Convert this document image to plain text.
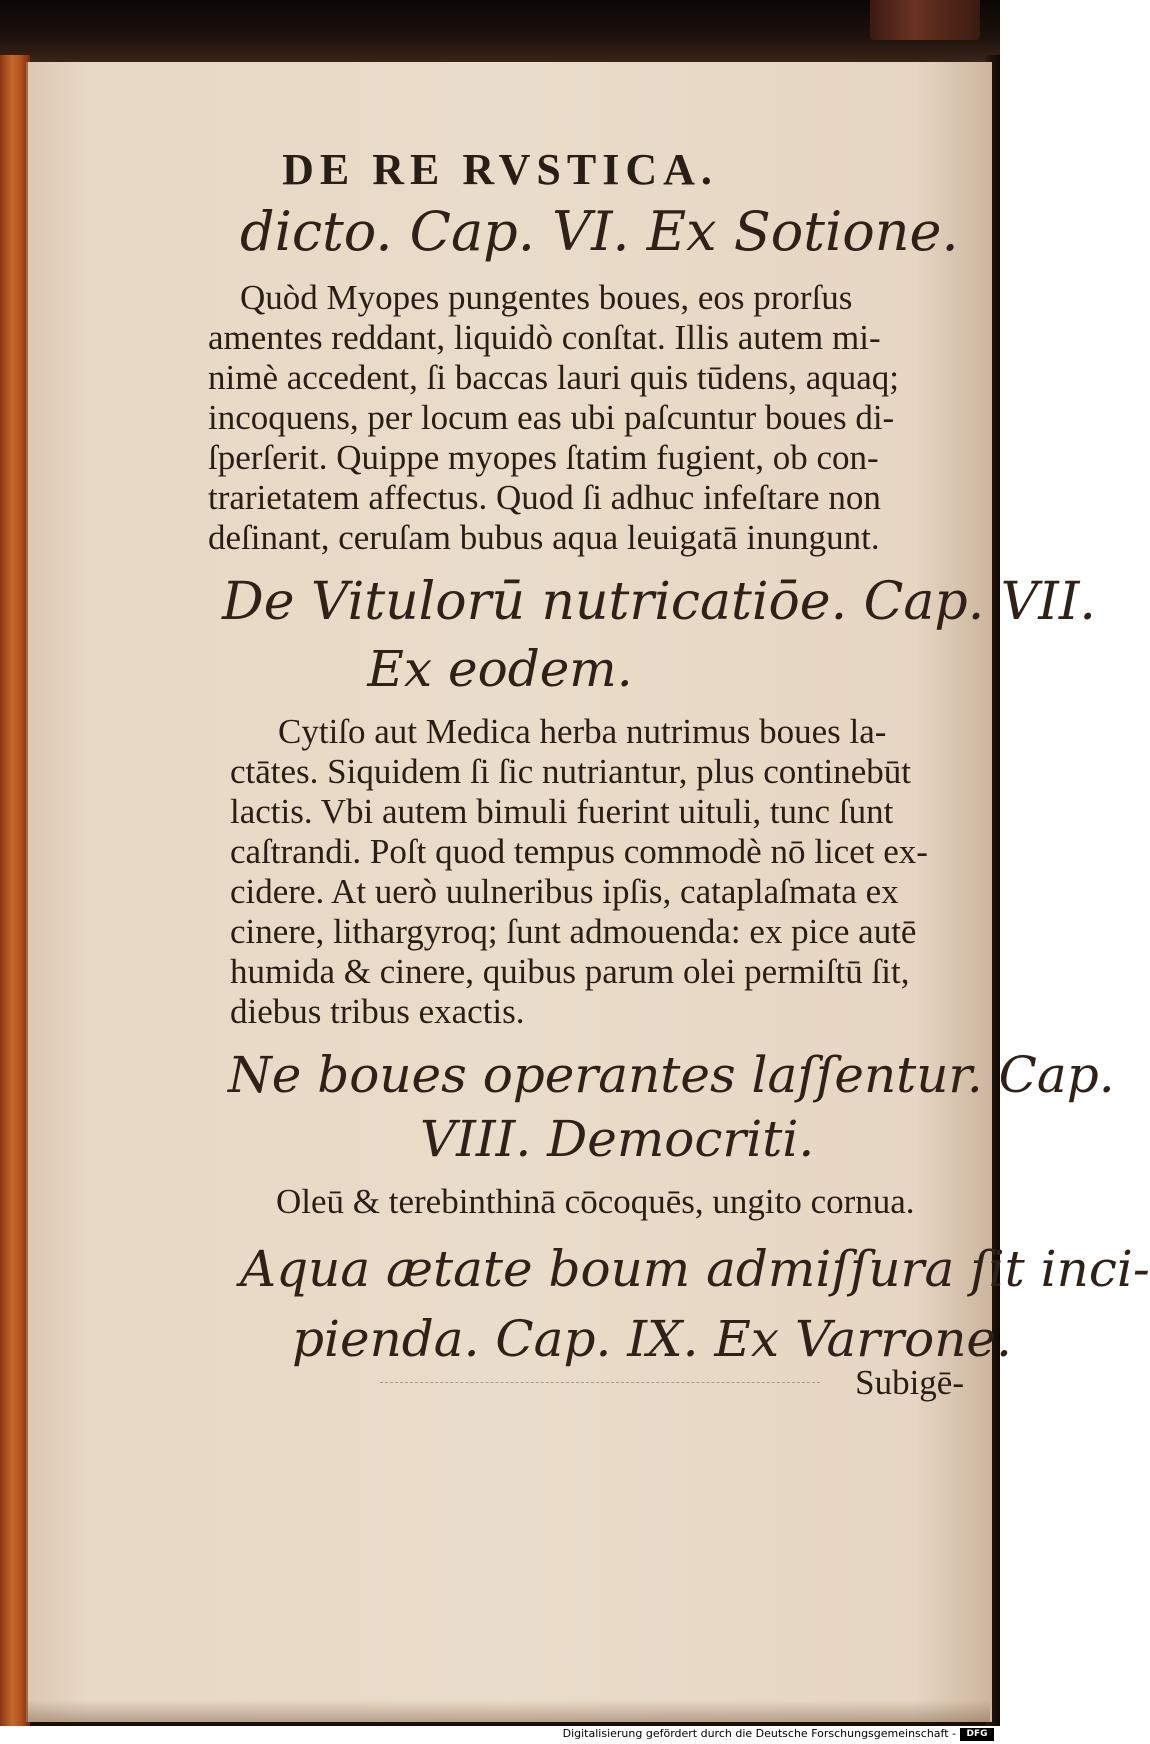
DE RE RVSTICA.
dicto. Cap. VI. Ex Sotione.
Quòd Myopes pungentes boues, eos prorſus
amentes reddant, liquidò conſtat. Illis autem mi-
nimè accedent, ſi baccas lauri quis tūdens, aquaq;
incoquens, per locum eas ubi paſcuntur boues di-
ſperſerit. Quippe myopes ſtatim fugient, ob con-
trarietatem affectus. Quod ſi adhuc infeſtare non
deſinant, ceruſam bubus aqua leuigatā inungunt.
De Vitulorū nutricatiōe. Cap. VII.
Ex eodem.
Cytiſo aut Medica herba nutrimus boues la-
ctātes. Siquidem ſi ſic nutriantur, plus continebūt
lactis. Vbi autem bimuli fuerint uituli, tunc ſunt
caſtrandi. Poſt quod tempus commodè nō licet ex-
cidere. At uerò uulneribus ipſis, cataplaſmata ex
cinere, lithargyroq; ſunt admouenda: ex pice autē
humida & cinere, quibus parum olei permiſtū ſit,
diebus tribus exactis.
Ne boues operantes laſſentur. Cap.
VIII. Democriti.
Oleū & terebinthinā cōcoquēs, ungito cornua.
Aqua ætate boum admiſſura ſit inci-
pienda. Cap. IX. Ex Varrone.
Subigē-
Digitalisierung gefördert durch die Deutsche Forschungsgemeinschaft -	DFG
